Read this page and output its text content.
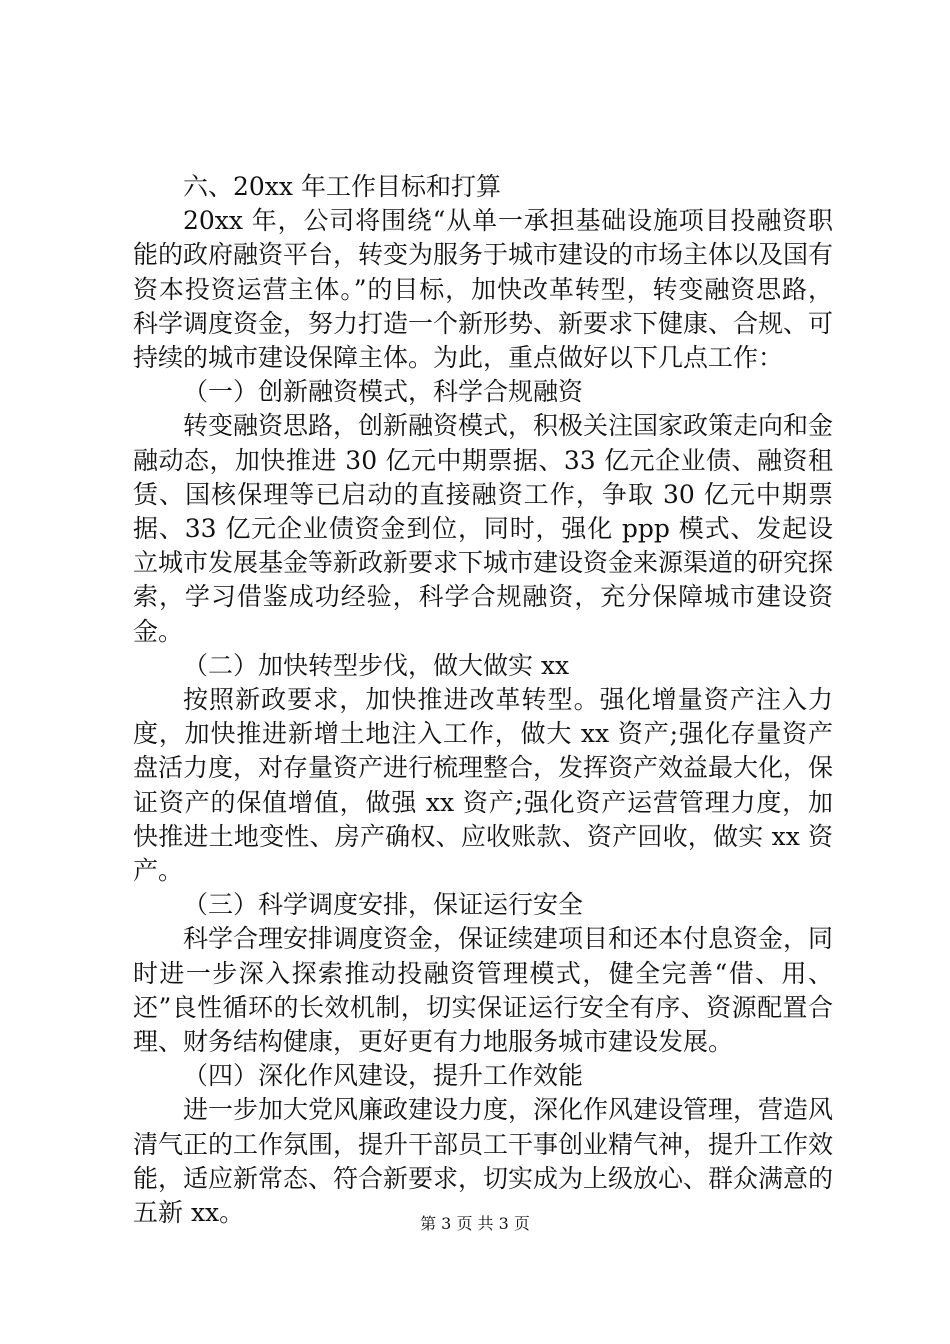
六、20xx 年工作目标和打算

20xx 年，公司将围绕“从单一承担基础设施项目投融资职能的政府融资平台，转变为服务于城市建设的市场主体以及国有资本投资运营主体。”的目标，加快改革转型，转变融资思路，科学调度资金，努力打造一个新形势、新要求下健康、合规、可持续的城市建设保障主体。为此，重点做好以下几点工作：

（一）创新融资模式，科学合规融资

转变融资思路，创新融资模式，积极关注国家政策走向和金融动态，加快推进 30 亿元中期票据、33 亿元企业债、融资租赁、国核保理等已启动的直接融资工作，争取 30 亿元中期票据、33 亿元企业债资金到位，同时，强化 ppp 模式、发起设立城市发展基金等新政新要求下城市建设资金来源渠道的研究探索，学习借鉴成功经验，科学合规融资，充分保障城市建设资金。

（二）加快转型步伐，做大做实 xx

按照新政要求，加快推进改革转型。强化增量资产注入力度，加快推进新增土地注入工作，做大 xx 资产;强化存量资产盘活力度，对存量资产进行梳理整合，发挥资产效益最大化，保证资产的保值增值，做强 xx 资产;强化资产运营管理力度，加快推进土地变性、房产确权、应收账款、资产回收，做实 xx 资产。

（三）科学调度安排，保证运行安全

科学合理安排调度资金，保证续建项目和还本付息资金，同时进一步深入探索推动投融资管理模式，健全完善“借、用、还”良性循环的长效机制，切实保证运行安全有序、资源配置合理、财务结构健康，更好更有力地服务城市建设发展。

（四）深化作风建设，提升工作效能

进一步加大党风廉政建设力度，深化作风建设管理，营造风清气正的工作氛围，提升干部员工干事创业精气神，提升工作效能，适应新常态、符合新要求，切实成为上级放心、群众满意的五新 xx。	第 3 页 共 3 页
